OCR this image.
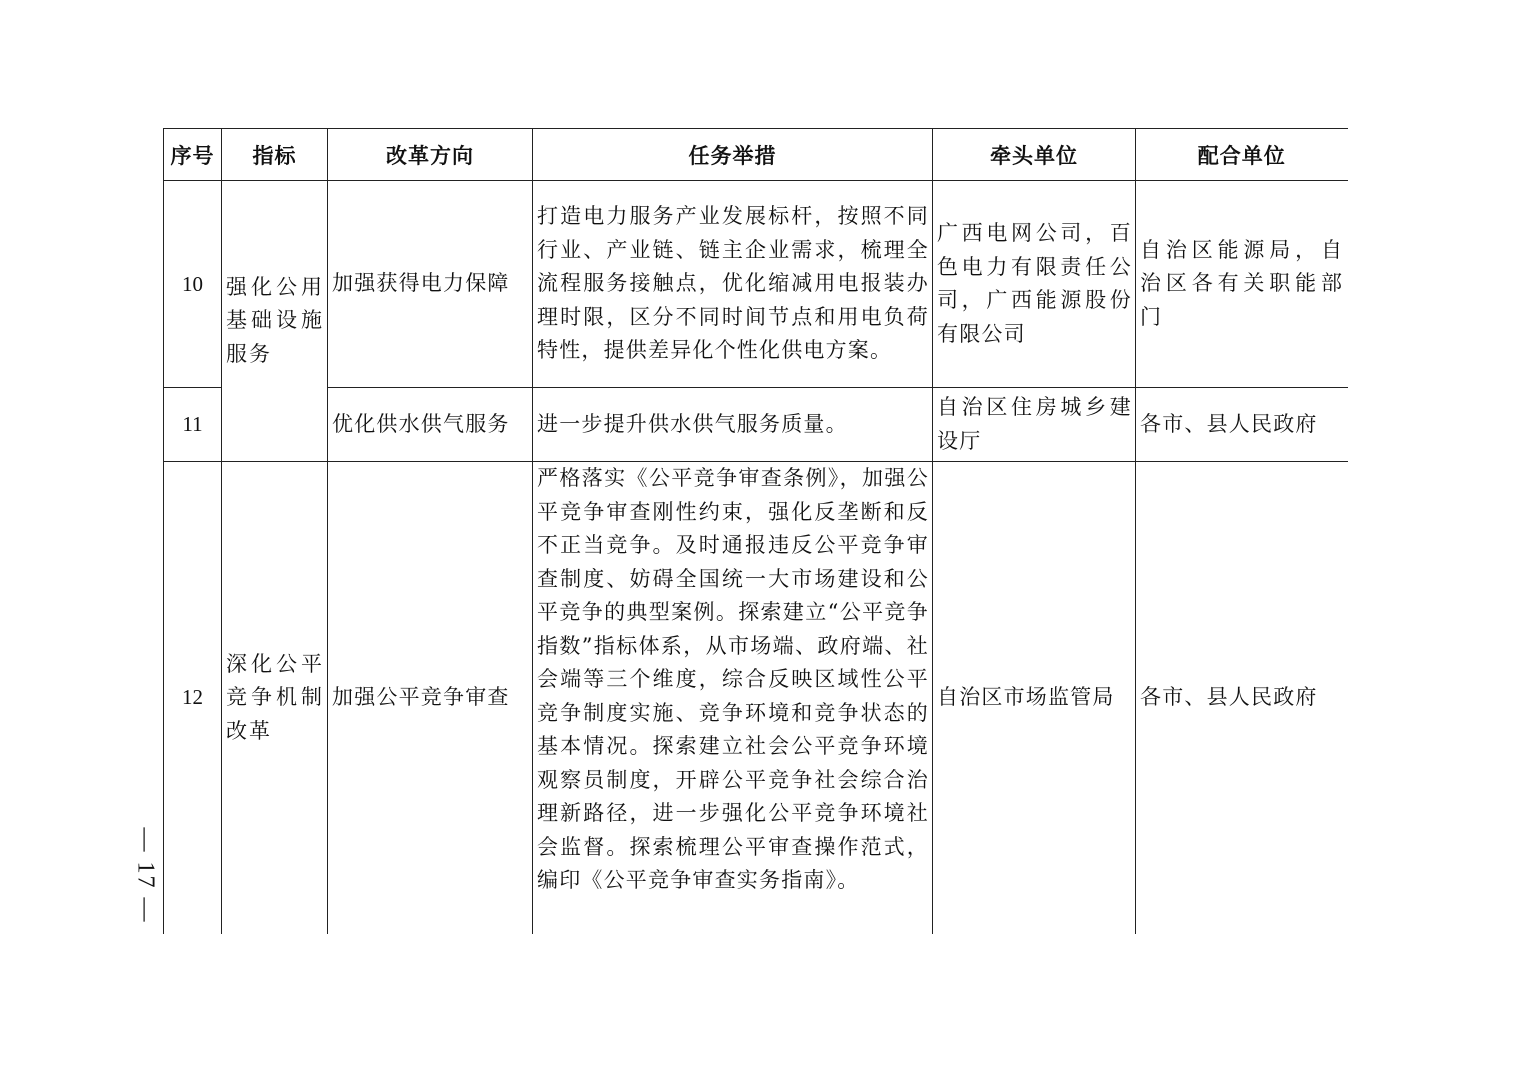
序号	指标	改革方向	任务举措	牵头单位	配合单位
10	强化公用基础设施服务	加强获得电力保障	打造电力服务产业发展标杆，按照不同行业、产业链、链主企业需求，梳理全流程服务接触点，优化缩减用电报装办理时限，区分不同时间节点和用电负荷特性，提供差异化个性化供电方案。	广西电网公司，百色电力有限责任公司，广西能源股份有限公司	自治区能源局，自治区各有关职能部门

11		优化供水供气服务	进一步提升供水供气服务质量。	自治区住房城乡建设厅	各市、县人民政府

12	深化公平竞争机制改革	加强公平竞争审查	严格落实《公平竞争审查条例》，加强公平竞争审查刚性约束，强化反垄断和反不正当竞争。及时通报违反公平竞争审查制度、妨碍全国统一大市场建设和公平竞争的典型案例。探索建立“公平竞争指数”指标体系，从市场端、政府端、社会端等三个维度，综合反映区域性公平竞争制度实施、竞争环境和竞争状态的基本情况。探索建立社会公平竞争环境观察员制度，开辟公平竞争社会综合治理新路径，进一步强化公平竞争环境社会监督。探索梳理公平审查操作范式，编印《公平竞争审查实务指南》。	自治区市场监管局	各市、县人民政府
— 17 —
